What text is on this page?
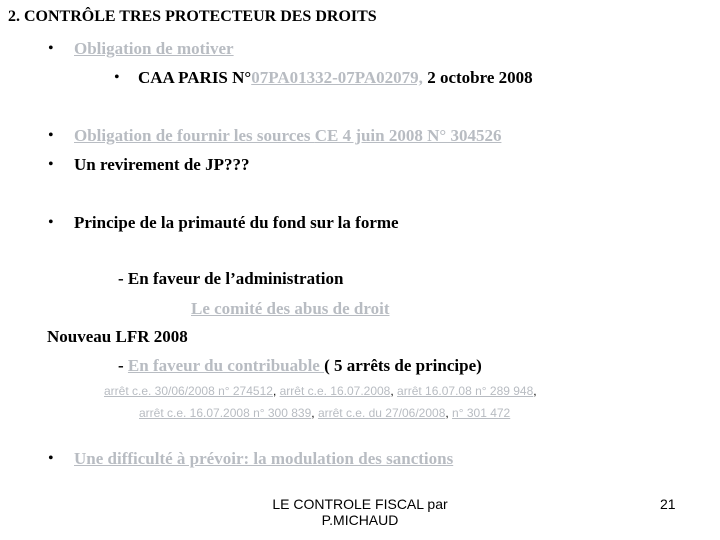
2. CONTRÔLE TRES PROTECTEUR DES DROITS
• Obligation de motiver
• CAA PARIS N°07PA01332-07PA02079, 2 octobre 2008
• Obligation de fournir les sources CE 4 juin 2008 N° 304526
• Un revirement de JP???
• Principe de la primauté du fond sur la forme
- En faveur de l’administration
Le comité des abus de droit
Nouveau LFR 2008
- En faveur du contribuable ( 5 arrêts de principe)
arrêt c.e. 30/06/2008 n° 274512, arrêt c.e. 16.07.2008, arrêt 16.07.08 n° 289 948,
arrêt c.e. 16.07.2008 n° 300 839, arrêt c.e. du 27/06/2008, n° 301 472
• Une difficulté à prévoir: la modulation des sanctions
LE CONTROLE FISCAL par
P.MICHAUD
21
